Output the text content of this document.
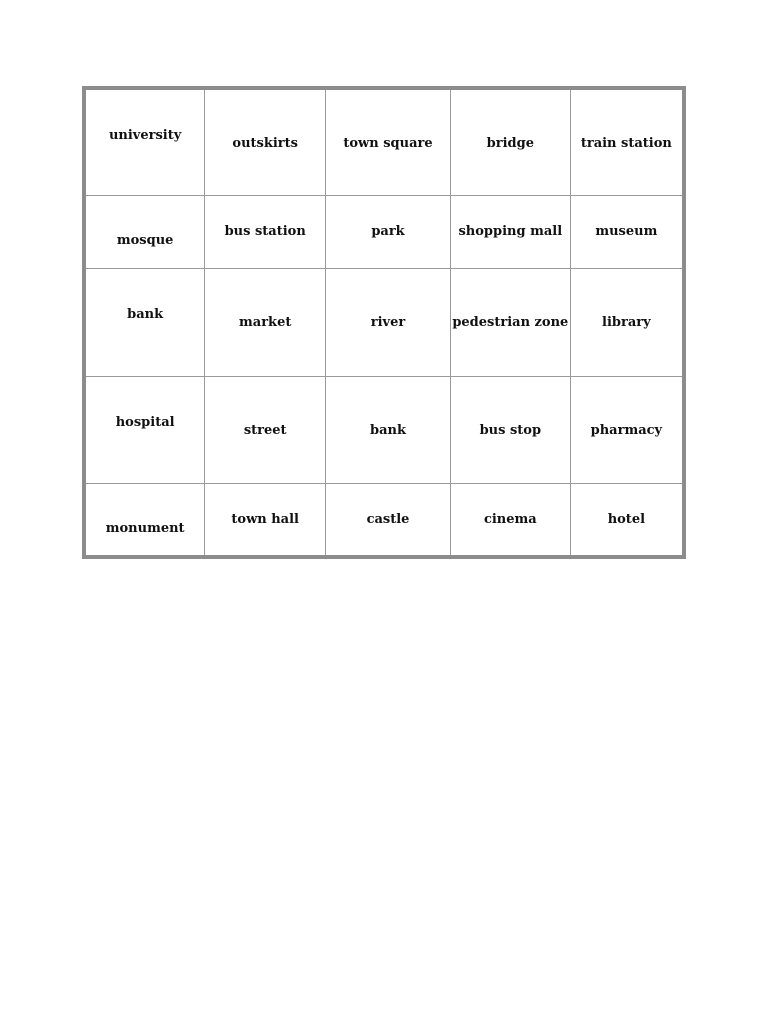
university	outskirts	town square	bridge	train station

mosque	bus station	park	shopping mall	museum

bank	market	river	pedestrian zone	library

hospital	street	bank	bus stop	pharmacy

monument	town hall	castle	cinema	hotel
